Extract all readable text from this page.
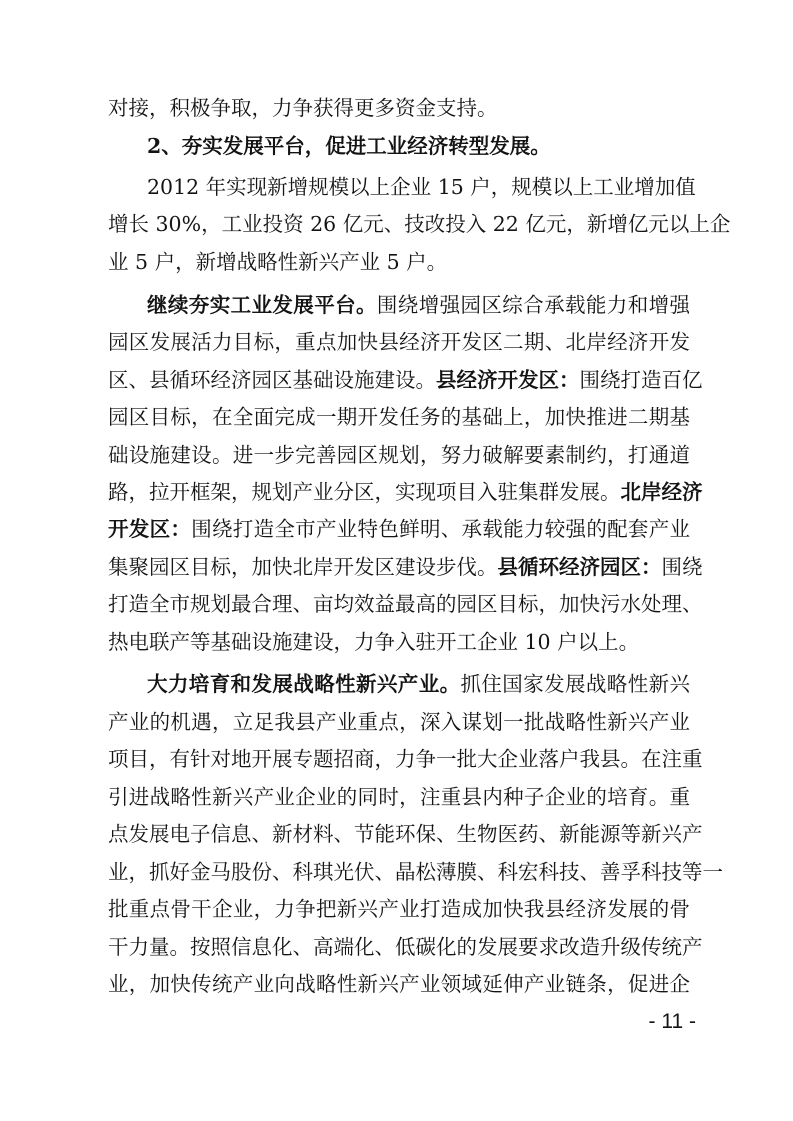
对接，积极争取，力争获得更多资金支持。
2、夯实发展平台，促进工业经济转型发展。
2012 年实现新增规模以上企业 15 户，规模以上工业增加值
增长 30%，工业投资 26 亿元、技改投入 22 亿元，新增亿元以上企
业 5 户，新增战略性新兴产业 5 户。
继续夯实工业发展平台。围绕增强园区综合承载能力和增强
园区发展活力目标，重点加快县经济开发区二期、北岸经济开发
区、县循环经济园区基础设施建设。县经济开发区：围绕打造百亿
园区目标，在全面完成一期开发任务的基础上，加快推进二期基
础设施建设。进一步完善园区规划，努力破解要素制约，打通道
路，拉开框架，规划产业分区，实现项目入驻集群发展。北岸经济
开发区：围绕打造全市产业特色鲜明、承载能力较强的配套产业
集聚园区目标，加快北岸开发区建设步伐。县循环经济园区：围绕
打造全市规划最合理、亩均效益最高的园区目标，加快污水处理、
热电联产等基础设施建设，力争入驻开工企业 10 户以上。
大力培育和发展战略性新兴产业。抓住国家发展战略性新兴
产业的机遇，立足我县产业重点，深入谋划一批战略性新兴产业
项目，有针对地开展专题招商，力争一批大企业落户我县。在注重
引进战略性新兴产业企业的同时，注重县内种子企业的培育。重
点发展电子信息、新材料、节能环保、生物医药、新能源等新兴产
业，抓好金马股份、科琪光伏、晶松薄膜、科宏科技、善孚科技等一
批重点骨干企业，力争把新兴产业打造成加快我县经济发展的骨
干力量。按照信息化、高端化、低碳化的发展要求改造升级传统产
业，加快传统产业向战略性新兴产业领域延伸产业链条，促进企
- 11 -
